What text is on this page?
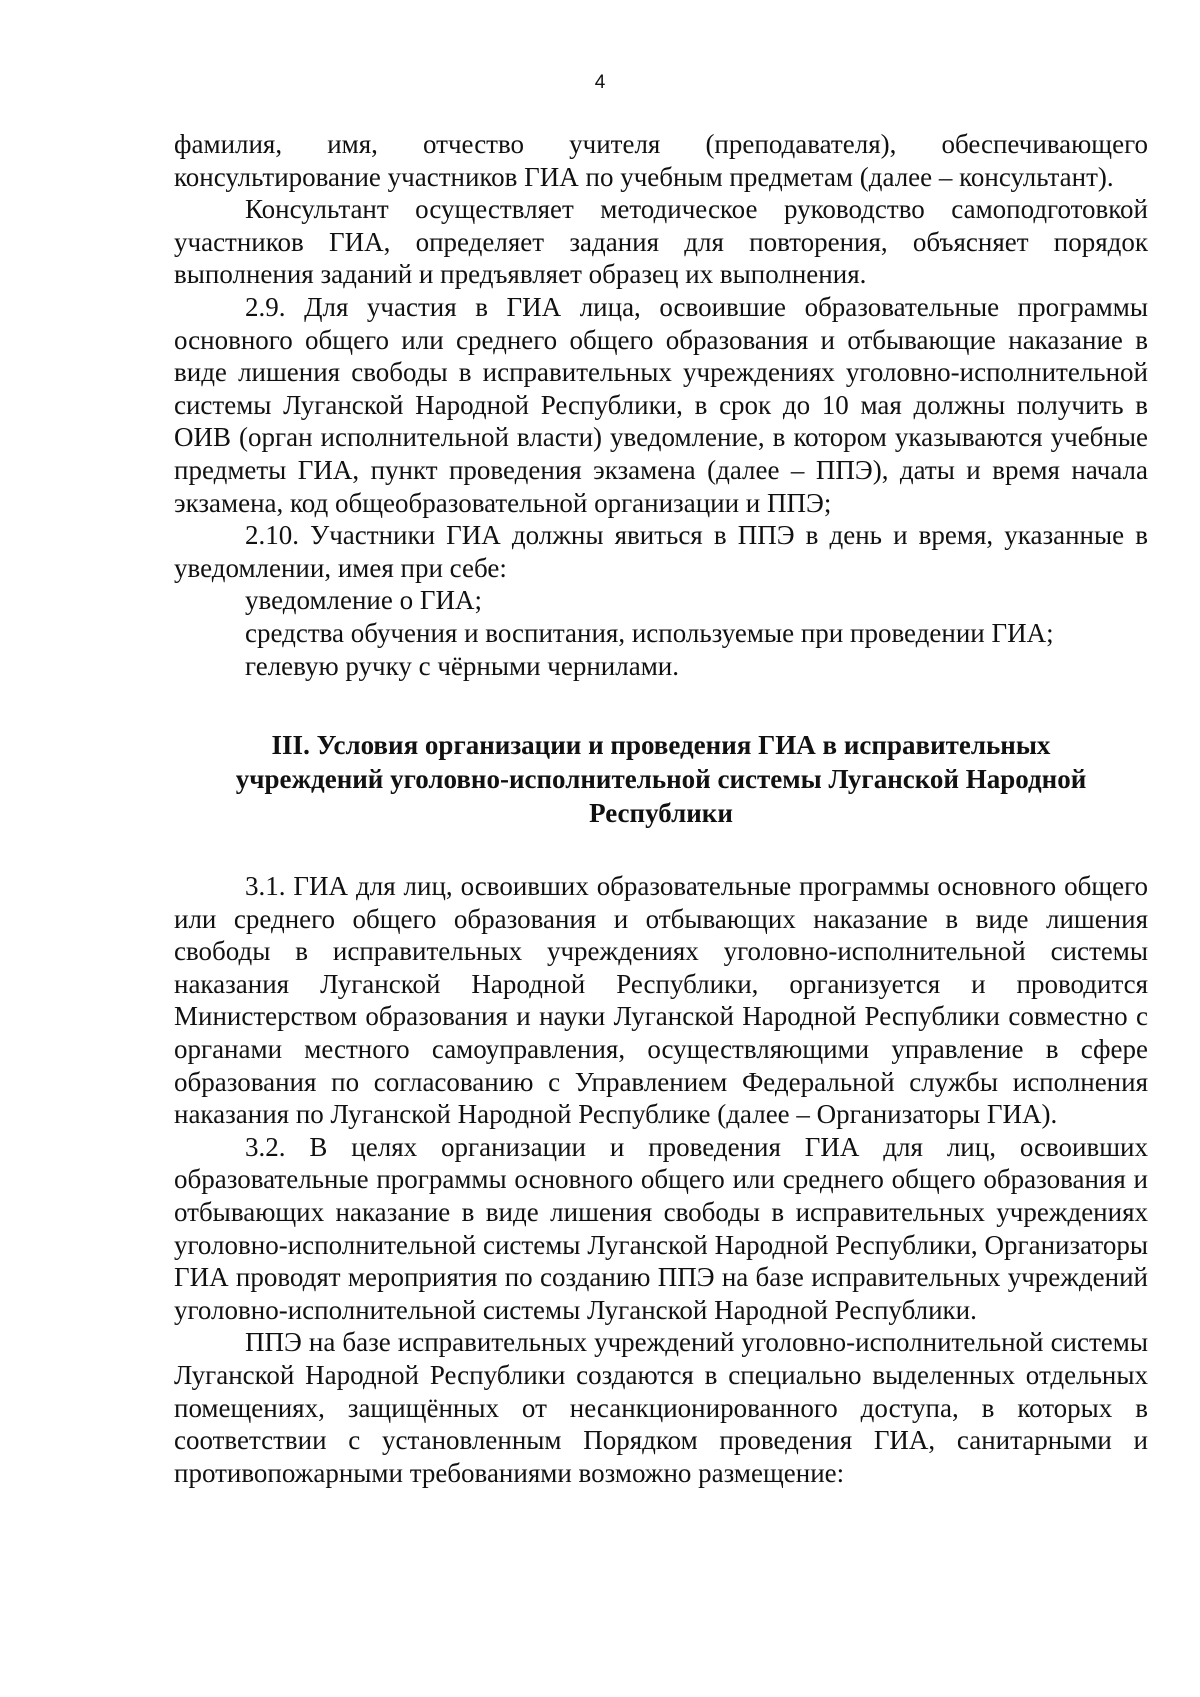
4

фамилия, имя, отчество учителя (преподавателя), обеспечивающего консультирование участников ГИА по учебным предметам (далее – консультант).

Консультант осуществляет методическое руководство самоподготовкой участников ГИА, определяет задания для повторения, объясняет порядок выполнения заданий и предъявляет образец их выполнения.

2.9. Для участия в ГИА лица, освоившие образовательные программы основного общего или среднего общего образования и отбывающие наказание в виде лишения свободы в исправительных учреждениях уголовно-исполнительной системы Луганской Народной Республики, в срок до 10 мая должны получить в ОИВ (орган исполнительной власти) уведомление, в котором указываются учебные предметы ГИА, пункт проведения экзамена (далее – ППЭ), даты и время начала экзамена, код общеобразовательной организации и ППЭ;

2.10. Участники ГИА должны явиться в ППЭ в день и время, указанные в уведомлении, имея при себе:

уведомление о ГИА;

средства обучения и воспитания, используемые при проведении ГИА;

гелевую ручку с чёрными чернилами.

III. Условия организации и проведения ГИА в исправительных
учреждений уголовно-исполнительной системы Луганской Народной
Республики

3.1. ГИА для лиц, освоивших образовательные программы основного общего или среднего общего образования и отбывающих наказание в виде лишения свободы в исправительных учреждениях уголовно-исполнительной системы наказания Луганской Народной Республики, организуется и проводится Министерством образования и науки Луганской Народной Республики совместно с органами местного самоуправления, осуществляющими управление в сфере образования по согласованию с Управлением Федеральной службы исполнения наказания по Луганской Народной Республике (далее – Организаторы ГИА).

3.2. В целях организации и проведения ГИА для лиц, освоивших образовательные программы основного общего или среднего общего образования и отбывающих наказание в виде лишения свободы в исправительных учреждениях уголовно-исполнительной системы Луганской Народной Республики, Организаторы ГИА проводят мероприятия по созданию ППЭ на базе исправительных учреждений уголовно-исполнительной системы Луганской Народной Республики.

ППЭ на базе исправительных учреждений уголовно-исполнительной системы Луганской Народной Республики создаются в специально выделенных отдельных помещениях, защищённых от несанкционированного доступа, в которых в соответствии с установленным Порядком проведения ГИА, санитарными и противопожарными требованиями возможно размещение:
